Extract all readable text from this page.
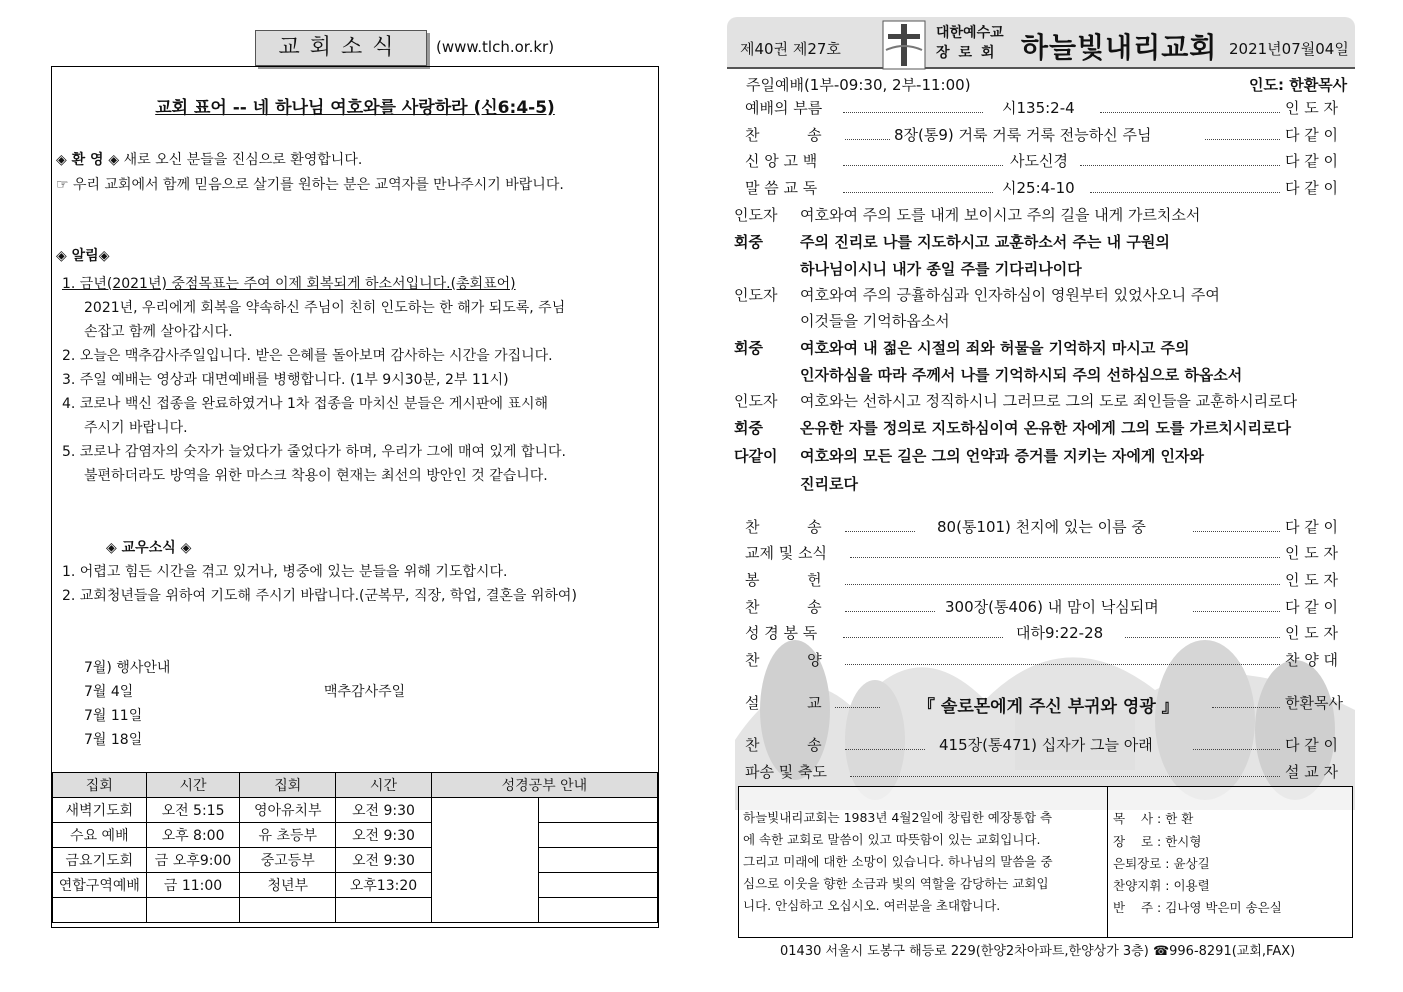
교회소식	(www.tlch.or.kr)
교회 표어 -- 네 하나님 여호와를 사랑하라 (신6:4-5)
◈ 환 영 ◈ 새로 오신 분들을 진심으로 환영합니다.
☞ 우리 교회에서 함께 믿음으로 살기를 원하는 분은 교역자를 만나주시기 바랍니다.
◈ 알림◈
1. 금년(2021년) 중점목표는 주여 이제 회복되게 하소서입니다.(총회표어)
2021년, 우리에게 회복을 약속하신 주님이 친히 인도하는 한 해가 되도록, 주님
손잡고 함께 살아갑시다.
2. 오늘은 맥추감사주일입니다. 받은 은혜를 돌아보며 감사하는 시간을 가집니다.
3. 주일 예배는 영상과 대면예배를 병행합니다. (1부 9시30분, 2부 11시)
4. 코로나 백신 접종을 완료하였거나 1차 접종을 마치신 분들은 게시판에 표시해
주시기 바랍니다.
5. 코로나 감염자의 숫자가 늘었다가 줄었다가 하며, 우리가 그에 매여 있게 합니다.
불편하더라도 방역을 위한 마스크 착용이 현재는 최선의 방안인 것 같습니다.
◈ 교우소식 ◈
1. 어렵고 힘든 시간을 겪고 있거나, 병중에 있는 분들을 위해 기도합시다.
2. 교회청년들을 위하여 기도해 주시기 바랍니다.(군복무, 직장, 학업, 결혼을 위하여)
7월) 행사안내
7월 4일	맥추감사주일
7월 11일
7월 18일
집회	시간	집회	시간	성경공부 안내	
새벽기도회	오전 5:15	영아유치부	오전 9:30		
수요 예배	오후 8:00	유 초등부	오전 9:30		
금요기도회	금 오후9:00	중고등부	오전 9:30		
연합구역예배	금 11:00	청년부	오후13:20		

제40권 제27호
대한예수교
장로회 하늘빛내리교회 2021년07월04일
주일예배(1부-09:30, 2부-11:00)	인도: 한환목사
예배의 부름	시135:2-4	인 도 자
찬          송	8장(통9) 거룩 거룩 거룩 전능하신 주님	다 같 이
신 앙 고 백	사도신경	다 같 이
말 씀 교 독	시25:4-10	다 같 이
인도자 여호와여 주의 도를 내게 보이시고 주의 길을 내게 가르치소서
회중 주의 진리로 나를 지도하시고 교훈하소서 주는 내 구원의
하나님이시니 내가 종일 주를 기다리나이다
인도자 여호와여 주의 긍휼하심과 인자하심이 영원부터 있었사오니 주여
이것들을 기억하옵소서
회중 여호와여 내 젊은 시절의 죄와 허물을 기억하지 마시고 주의
인자하심을 따라 주께서 나를 기억하시되 주의 선하심으로 하옵소서
인도자 여호와는 선하시고 정직하시니 그러므로 그의 도로 죄인들을 교훈하시리로다
회중 온유한 자를 정의로 지도하심이여 온유한 자에게 그의 도를 가르치시리로다
다같이 여호와의 모든 길은 그의 언약과 증거를 지키는 자에게 인자와
진리로다
찬          송	80(통101) 천지에 있는 이름 중	다 같 이
교제 및 소식	인 도 자
봉          헌	인 도 자
찬          송	300장(통406) 내 맘이 낙심되며	다 같 이
성 경 봉 독	대하9:22-28	인 도 자
찬          양	찬 양 대
설          교	『 솔로몬에게 주신 부귀와 영광 』	한환목사
찬          송	415장(통471) 십자가 그늘 아래	다 같 이
파송 및 축도	설 교 자
하늘빛내리교회는 1983년 4월2일에 창립한 예장통합 측
에 속한 교회로 말씀이 있고 따뜻함이 있는 교회입니다.
그리고 미래에 대한 소망이 있습니다. 하나님의 말씀을 중
심으로 이웃을 향한 소금과 빛의 역할을 감당하는 교회입
니다. 안심하고 오십시오. 여러분을 초대합니다.
목    사 : 한 환
장    로 : 한시형
은퇴장로 : 윤상길
찬양지휘 : 이용렬
반    주 : 김나영 박은미 송은실
01430 서울시 도봉구 해등로 229(한양2차아파트,한양상가 3층) ☎996-8291(교회,FAX)
